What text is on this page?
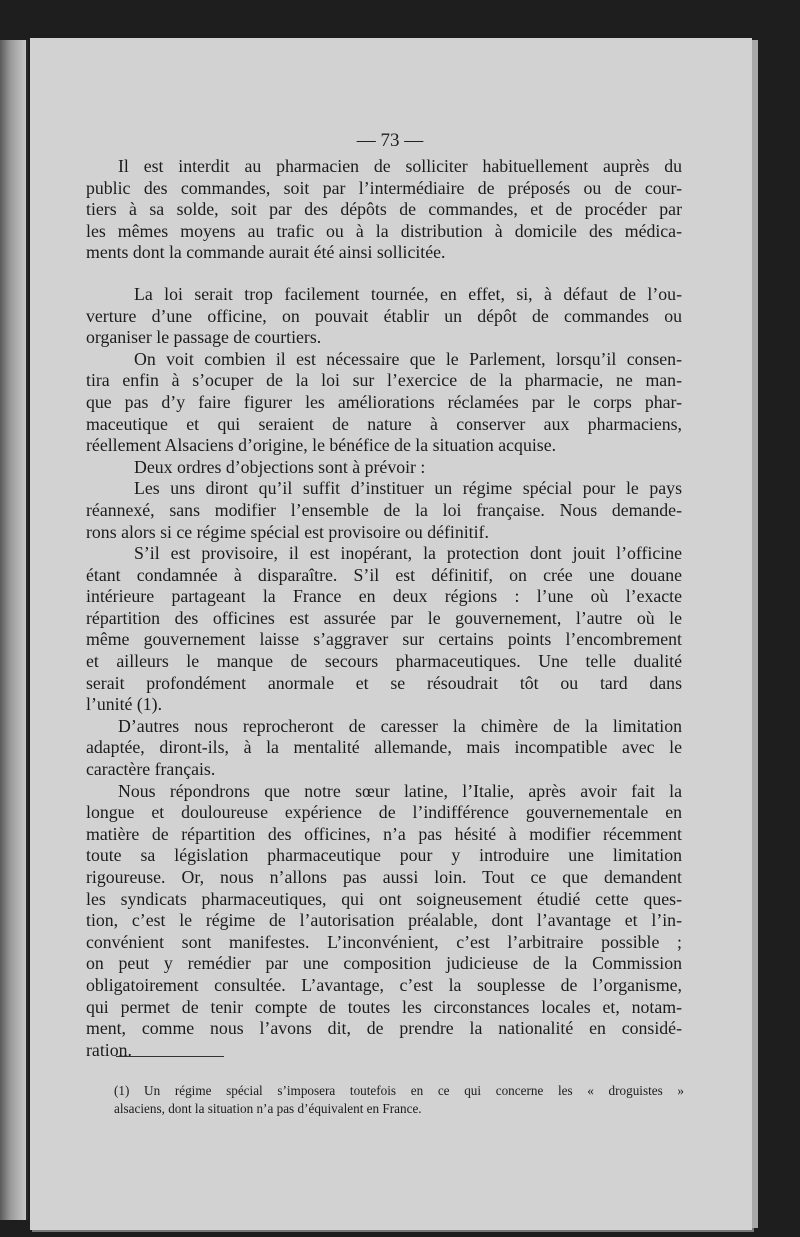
— 73 —
Il est interdit au pharmacien de solliciter habituellement auprès du
public des commandes, soit par l’intermédiaire de préposés ou de cour-
tiers à sa solde, soit par des dépôts de commandes, et de procéder par
les mêmes moyens au trafic ou à la distribution à domicile des médica-
ments dont la commande aurait été ainsi sollicitée.
La loi serait trop facilement tournée, en effet, si, à défaut de l’ou-
verture d’une officine, on pouvait établir un dépôt de commandes ou
organiser le passage de courtiers.
On voit combien il est nécessaire que le Parlement, lorsqu’il consen-
tira enfin à s’ocuper de la loi sur l’exercice de la pharmacie, ne man-
que pas d’y faire figurer les améliorations réclamées par le corps phar-
maceutique et qui seraient de nature à conserver aux pharmaciens,
réellement Alsaciens d’origine, le bénéfice de la situation acquise.
Deux ordres d’objections sont à prévoir :
Les uns diront qu’il suffit d’instituer un régime spécial pour le pays
réannexé, sans modifier l’ensemble de la loi française. Nous demande-
rons alors si ce régime spécial est provisoire ou définitif.
S’il est provisoire, il est inopérant, la protection dont jouit l’officine
étant condamnée à disparaître. S’il est définitif, on crée une douane
intérieure partageant la France en deux régions : l’une où l’exacte
répartition des officines est assurée par le gouvernement, l’autre où le
même gouvernement laisse s’aggraver sur certains points l’encombrement
et ailleurs le manque de secours pharmaceutiques. Une telle dualité
serait profondément anormale et se résoudrait tôt ou tard dans
l’unité (1).
D’autres nous reprocheront de caresser la chimère de la limitation
adaptée, diront-ils, à la mentalité allemande, mais incompatible avec le
caractère français.
Nous répondrons que notre sœur latine, l’Italie, après avoir fait la
longue et douloureuse expérience de l’indifférence gouvernementale en
matière de répartition des officines, n’a pas hésité à modifier récemment
toute sa législation pharmaceutique pour y introduire une limitation
rigoureuse. Or, nous n’allons pas aussi loin. Tout ce que demandent
les syndicats pharmaceutiques, qui ont soigneusement étudié cette ques-
tion, c’est le régime de l’autorisation préalable, dont l’avantage et l’in-
convénient sont manifestes. L’inconvénient, c’est l’arbitraire possible ;
on peut y remédier par une composition judicieuse de la Commission
obligatoirement consultée. L’avantage, c’est la souplesse de l’organisme,
qui permet de tenir compte de toutes les circonstances locales et, notam-
ment, comme nous l’avons dit, de prendre la nationalité en considé-
ration.
(1) Un régime spécial s’imposera toutefois en ce qui concerne les « droguistes »
alsaciens, dont la situation n’a pas d’équivalent en France.
